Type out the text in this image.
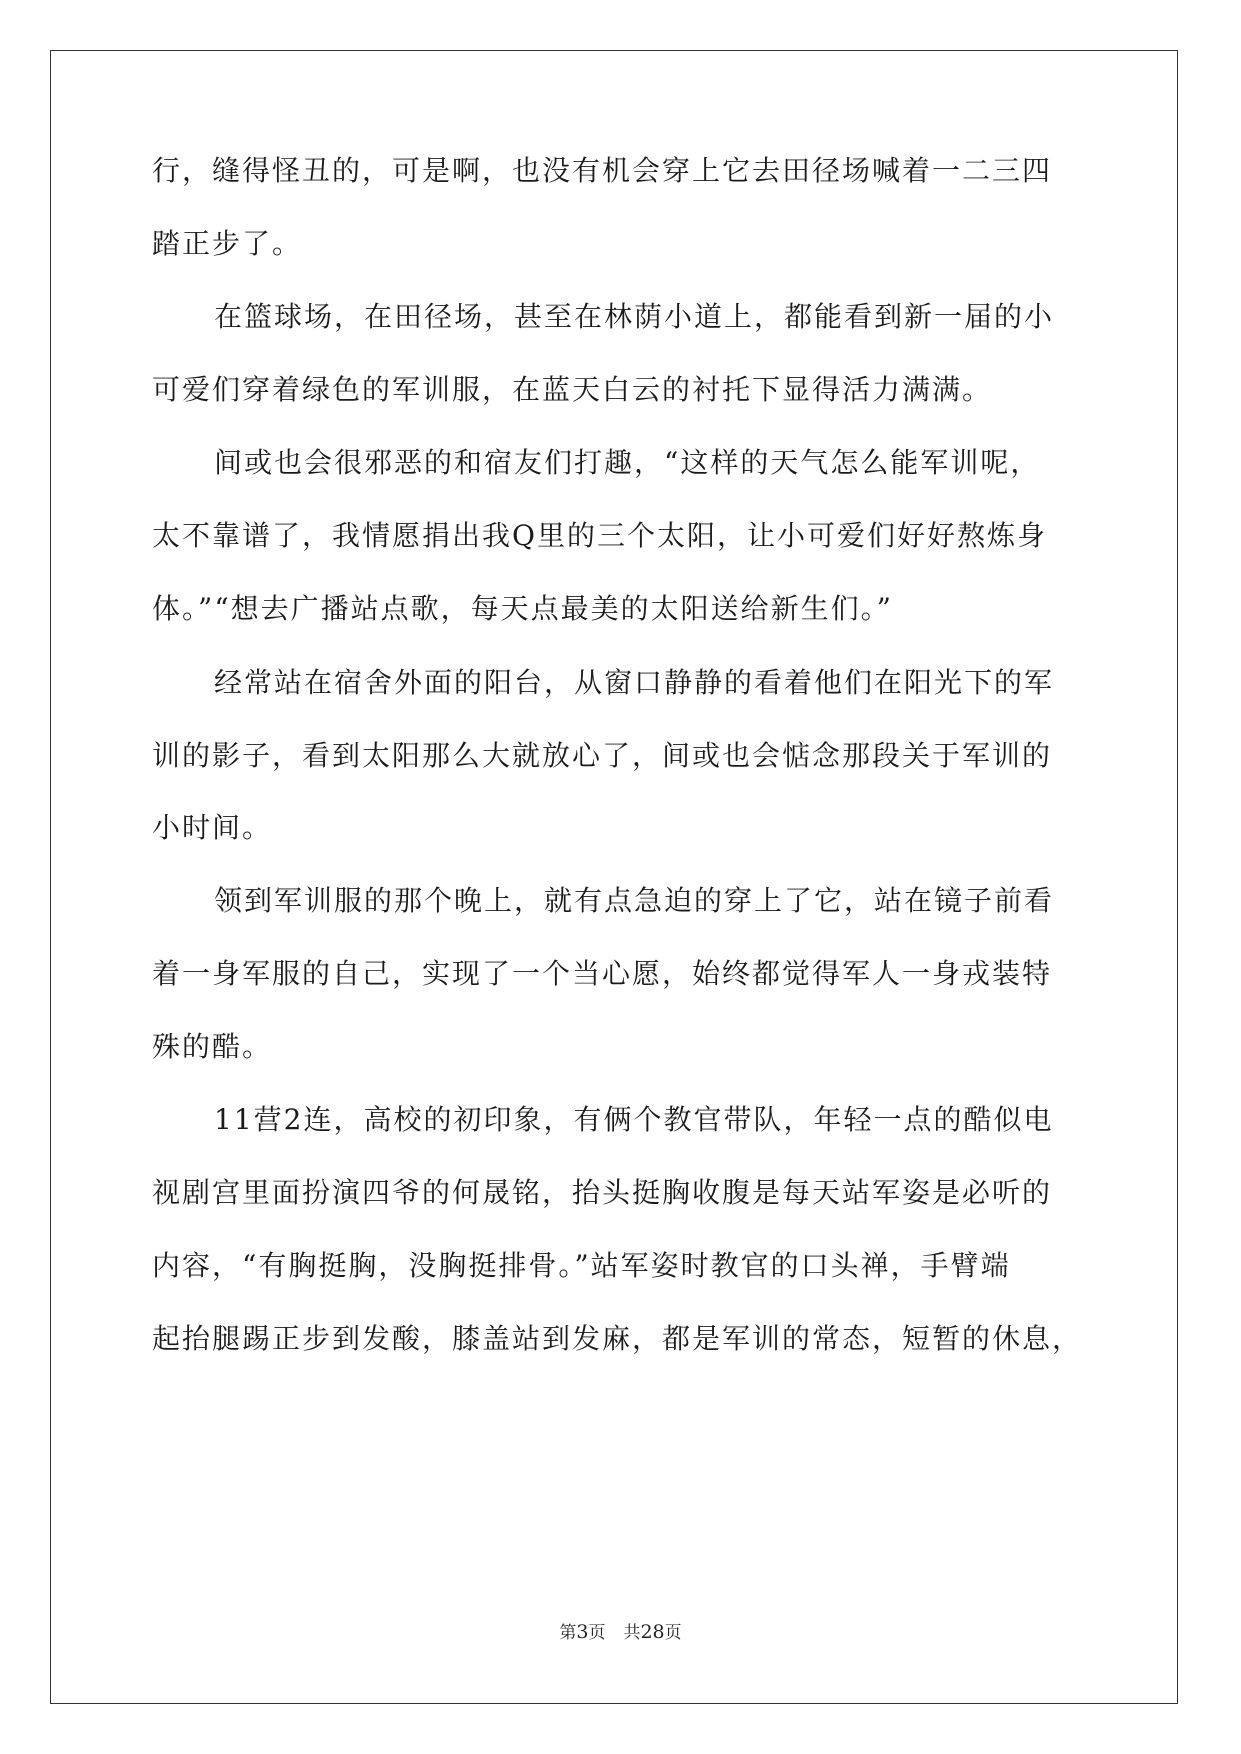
行，缝得怪丑的，可是啊，也没有机会穿上它去田径场喊着一二三四
踏正步了。
在篮球场，在田径场，甚至在林荫小道上，都能看到新一届的小
可爱们穿着绿色的军训服，在蓝天白云的衬托下显得活力满满。
间或也会很邪恶的和宿友们打趣，“这样的天气怎么能军训呢，
太不靠谱了，我情愿捐出我Q里的三个太阳，让小可爱们好好熬炼身
体。”“想去广播站点歌，每天点最美的太阳送给新生们。”
经常站在宿舍外面的阳台，从窗口静静的看着他们在阳光下的军
训的影子，看到太阳那么大就放心了，间或也会惦念那段关于军训的
小时间。
领到军训服的那个晚上，就有点急迫的穿上了它，站在镜子前看
着一身军服的自己，实现了一个当心愿，始终都觉得军人一身戎装特
殊的酷。
11营2连，高校的初印象，有俩个教官带队，年轻一点的酷似电
视剧宫里面扮演四爷的何晟铭，抬头挺胸收腹是每天站军姿是必听的
内容，“有胸挺胸，没胸挺排骨。”站军姿时教官的口头禅，手臂端
起抬腿踢正步到发酸，膝盖站到发麻，都是军训的常态，短暂的休息，
第3页 共28页
